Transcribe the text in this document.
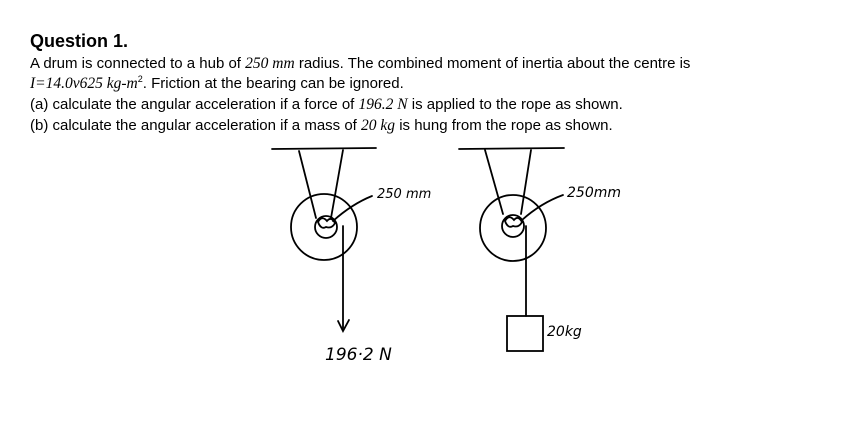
Question 1.
A drum is connected to a hub of 250 mm radius. The combined moment of inertia about the centre is
I=14.0v625 $kg-m^2$. Friction at the bearing can be ignored.
(a) calculate the angular acceleration if a force of 196.2 N is applied to the rope as shown.
(b) calculate the angular acceleration if a mass of 20 kg is hung from the rope as shown.
250 mm
196·2 N
250mm
20kg
